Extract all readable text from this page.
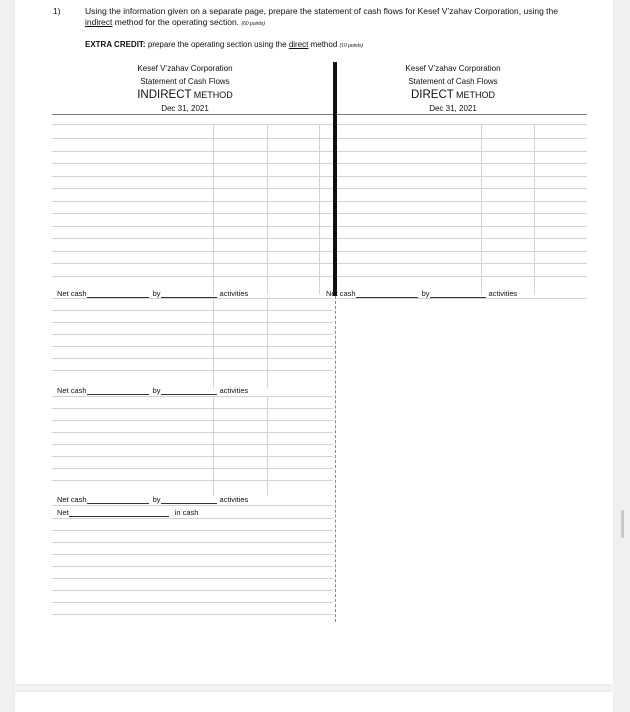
1)	Using the information given on a separate page, prepare the statement of cash flows for Kesef V’zahav Corporation, using the
indirect method for the operating section. (60 points)
EXTRA CREDIT: prepare the operating section using the direct method (10 points)
Kesef V’zahav Corporation
Statement of Cash Flows
INDIRECT METHOD
Dec 31, 2021
Kesef V’zahav Corporation
Statement of Cash Flows
DIRECT METHOD
Dec 31, 2021
Net cash	by	activities	Net cash	by	activities
Net cash	by	activities
Net cash	by	activities
Net	in cash
